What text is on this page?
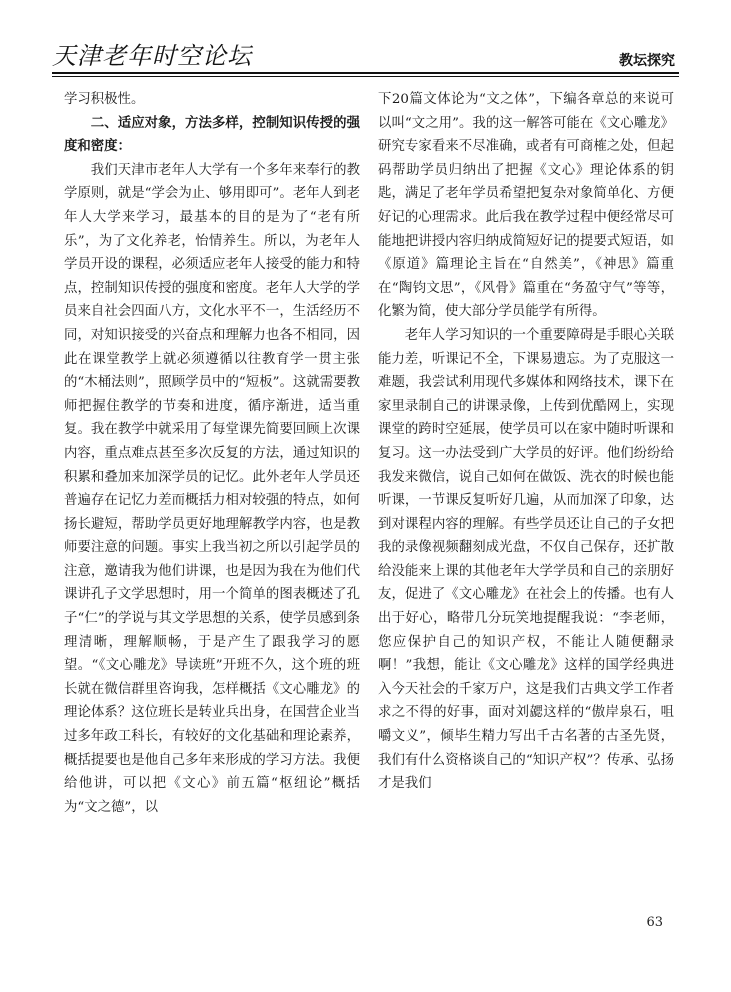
天津老年时空论坛	教坛探究

学习积极性。

二、适应对象，方法多样，控制知识传授的强度和密度：

我们天津市老年人大学有一个多年来奉行的教学原则，就是“学会为止、够用即可”。老年人到老年人大学来学习，最基本的目的是为了“老有所乐”，为了文化养老，怡情养生。所以，为老年人学员开设的课程，必须适应老年人接受的能力和特点，控制知识传授的强度和密度。老年人大学的学员来自社会四面八方，文化水平不一，生活经历不同，对知识接受的兴奋点和理解力也各不相同，因此在课堂教学上就必须遵循以往教育学一贯主张的“木桶法则”，照顾学员中的“短板”。这就需要教师把握住教学的节奏和进度，循序渐进，适当重复。我在教学中就采用了每堂课先简要回顾上次课内容，重点难点甚至多次反复的方法，通过知识的积累和叠加来加深学员的记忆。此外老年人学员还普遍存在记忆力差而概括力相对较强的特点，如何扬长避短，帮助学员更好地理解教学内容，也是教师要注意的问题。事实上我当初之所以引起学员的注意，邀请我为他们讲课，也是因为我在为他们代课讲孔子文学思想时，用一个简单的图表概述了孔子“仁”的学说与其文学思想的关系，使学员感到条理清晰，理解顺畅，于是产生了跟我学习的愿望。“《文心雕龙》导读班”开班不久，这个班的班长就在微信群里咨询我，怎样概括《文心雕龙》的理论体系？这位班长是转业兵出身，在国营企业当过多年政工科长，有较好的文化基础和理论素养，概括提要也是他自己多年来形成的学习方法。我便给他讲，可以把《文心》前五篇“枢纽论”概括为“文之德”，以

下20篇文体论为“文之体”，下编各章总的来说可以叫“文之用”。我的这一解答可能在《文心雕龙》研究专家看来不尽准确，或者有可商榷之处，但起码帮助学员归纳出了把握《文心》理论体系的钥匙，满足了老年学员希望把复杂对象简单化、方便好记的心理需求。此后我在教学过程中便经常尽可能地把讲授内容归纳成简短好记的提要式短语，如《原道》篇理论主旨在“自然美”，《神思》篇重在“陶钧文思”，《风骨》篇重在“务盈守气”等等，化繁为简，使大部分学员能学有所得。

老年人学习知识的一个重要障碍是手眼心关联能力差，听课记不全，下课易遗忘。为了克服这一难题，我尝试利用现代多媒体和网络技术，课下在家里录制自己的讲课录像，上传到优酷网上，实现课堂的跨时空延展，使学员可以在家中随时听课和复习。这一办法受到广大学员的好评。他们纷纷给我发来微信，说自己如何在做饭、洗衣的时候也能听课，一节课反复听好几遍，从而加深了印象，达到对课程内容的理解。有些学员还让自己的子女把我的录像视频翻刻成光盘，不仅自己保存，还扩散给没能来上课的其他老年大学学员和自己的亲朋好友，促进了《文心雕龙》在社会上的传播。也有人出于好心，略带几分玩笑地提醒我说：“李老师，您应保护自己的知识产权，不能让人随便翻录啊！”我想，能让《文心雕龙》这样的国学经典进入今天社会的千家万户，这是我们古典文学工作者求之不得的好事，面对刘勰这样的“傲岸泉石，咀嚼文义”，倾毕生精力写出千古名著的古圣先贤，我们有什么资格谈自己的“知识产权”？传承、弘扬才是我们

63
